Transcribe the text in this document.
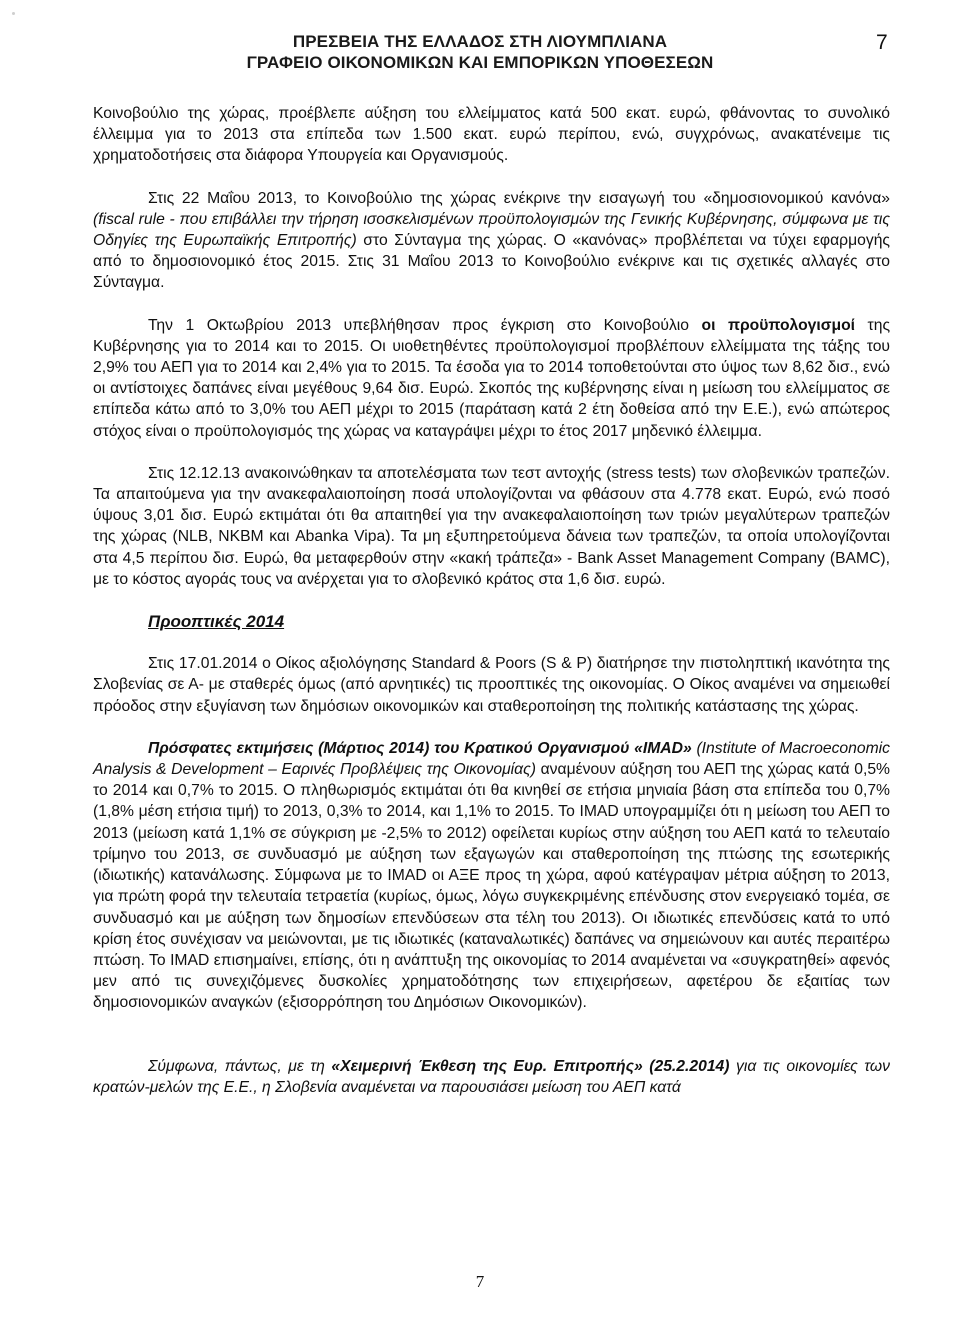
ΠΡΕΣΒΕΙΑ ΤΗΣ ΕΛΛΑΔΟΣ ΣΤΗ ΛΙΟΥΜΠΛΙΑΝΑ
ΓΡΑΦΕΙΟ ΟΙΚΟΝΟΜΙΚΩΝ ΚΑΙ ΕΜΠΟΡΙΚΩΝ ΥΠΟΘΕΣΕΩΝ
7

Κοινοβούλιο της χώρας, προέβλεπε αύξηση του ελλείμματος κατά 500 εκατ. ευρώ, φθάνοντας το συνολικό έλλειμμα για το 2013 στα επίπεδα των 1.500 εκατ. ευρώ περίπου, ενώ, συγχρόνως, ανακατένειμε τις χρηματοδοτήσεις στα διάφορα Υπουργεία και Οργανισμούς.

Στις 22 Μαΐου 2013, το Κοινοβούλιο της χώρας ενέκρινε την εισαγωγή του «δημοσιονομικού κανόνα» (fiscal rule - που επιβάλλει την τήρηση ισοσκελισμένων προϋπολογισμών της Γενικής Κυβέρνησης, σύμφωνα με τις Οδηγίες της Ευρωπαϊκής Επιτροπής) στο Σύνταγμα της χώρας. Ο «κανόνας» προβλέπεται να τύχει εφαρμογής από το δημοσιονομικό έτος 2015. Στις 31 Μαΐου 2013 το Κοινοβούλιο ενέκρινε και τις σχετικές αλλαγές στο Σύνταγμα.

Την 1 Οκτωβρίου 2013 υπεβλήθησαν προς έγκριση στο Κοινοβούλιο οι προϋπολογισμοί της Κυβέρνησης για το 2014 και το 2015. Οι υιοθετηθέντες προϋπολογισμοί προβλέπουν ελλείμματα της τάξης του 2,9% του ΑΕΠ για το 2014 και 2,4% για το 2015. Τα έσοδα για το 2014 τοποθετούνται στο ύψος των 8,62 δισ., ενώ οι αντίστοιχες δαπάνες είναι μεγέθους 9,64 δισ. Ευρώ. Σκοπός της κυβέρνησης είναι η μείωση του ελλείμματος σε επίπεδα κάτω από το 3,0% του ΑΕΠ μέχρι το 2015 (παράταση κατά 2 έτη δοθείσα από την Ε.Ε.), ενώ απώτερος στόχος είναι ο προϋπολογισμός της χώρας να καταγράψει μέχρι το έτος 2017 μηδενικό έλλειμμα.

Στις 12.12.13 ανακοινώθηκαν τα αποτελέσματα των τεστ αντοχής (stress tests) των σλοβενικών τραπεζών. Τα απαιτούμενα για την ανακεφαλαιοποίηση ποσά υπολογίζονται να φθάσουν στα 4.778 εκατ. Ευρώ, ενώ ποσό ύψους 3,01 δισ. Ευρώ εκτιμάται ότι θα απαιτηθεί για την ανακεφαλαιοποίηση των τριών μεγαλύτερων τραπεζών της χώρας (NLB, NKBM και Abanka Vipa). Τα μη εξυπηρετούμενα δάνεια των τραπεζών, τα οποία υπολογίζονται στα 4,5 περίπου δισ. Ευρώ, θα μεταφερθούν στην «κακή τράπεζα» - Bank Asset Management Company (BAMC), με το κόστος αγοράς τους να ανέρχεται για το σλοβενικό κράτος στα 1,6 δισ. ευρώ.

Προοπτικές 2014

Στις 17.01.2014 ο Οίκος αξιολόγησης Standard & Poors (S & P) διατήρησε την πιστοληπτική ικανότητα της Σλοβενίας σε Α- με σταθερές όμως (από αρνητικές) τις προοπτικές της οικονομίας. Ο Οίκος αναμένει να σημειωθεί πρόοδος στην εξυγίανση των δημόσιων οικονομικών και σταθεροποίηση της πολιτικής κατάστασης της χώρας.

Πρόσφατες εκτιμήσεις (Μάρτιος 2014) του Κρατικού Οργανισμού «IMAD» (Institute of Macroeconomic Analysis & Development – Εαρινές Προβλέψεις της Οικονομίας) αναμένουν αύξηση του ΑΕΠ της χώρας κατά 0,5% το 2014 και 0,7% το 2015. Ο πληθωρισμός εκτιμάται ότι θα κινηθεί σε ετήσια μηνιαία βάση στα επίπεδα του 0,7% (1,8% μέση ετήσια τιμή) το 2013, 0,3% το 2014, και 1,1% το 2015. Το IMAD υπογραμμίζει ότι η μείωση του ΑΕΠ το 2013 (μείωση κατά 1,1% σε σύγκριση με -2,5% το 2012) οφείλεται κυρίως στην αύξηση του ΑΕΠ κατά το τελευταίο τρίμηνο του 2013, σε συνδυασμό με αύξηση των εξαγωγών και σταθεροποίηση της πτώσης της εσωτερικής (ιδιωτικής) κατανάλωσης. Σύμφωνα με το IMAD οι ΑΞΕ προς τη χώρα, αφού κατέγραψαν μέτρια αύξηση το 2013, για πρώτη φορά την τελευταία τετραετία (κυρίως, όμως, λόγω συγκεκριμένης επένδυσης στον ενεργειακό τομέα, σε συνδυασμό και με αύξηση των δημοσίων επενδύσεων στα τέλη του 2013). Οι ιδιωτικές επενδύσεις κατά το υπό κρίση έτος συνέχισαν να μειώνονται, με τις ιδιωτικές (καταναλωτικές) δαπάνες να σημειώνουν και αυτές περαιτέρω πτώση. Το IMAD επισημαίνει, επίσης, ότι η ανάπτυξη της οικονομίας το 2014 αναμένεται να «συγκρατηθεί» αφενός μεν από τις συνεχιζόμενες δυσκολίες χρηματοδότησης των επιχειρήσεων, αφετέρου δε εξαιτίας των δημοσιονομικών αναγκών (εξισορρόπηση του Δημόσιων Οικονομικών).

Σύμφωνα, πάντως, με τη «Χειμερινή Έκθεση της Ευρ. Επιτροπής» (25.2.2014) για τις οικονομίες των κρατών-μελών της Ε.Ε., η Σλοβενία αναμένεται να παρουσιάσει μείωση του ΑΕΠ κατά

7
